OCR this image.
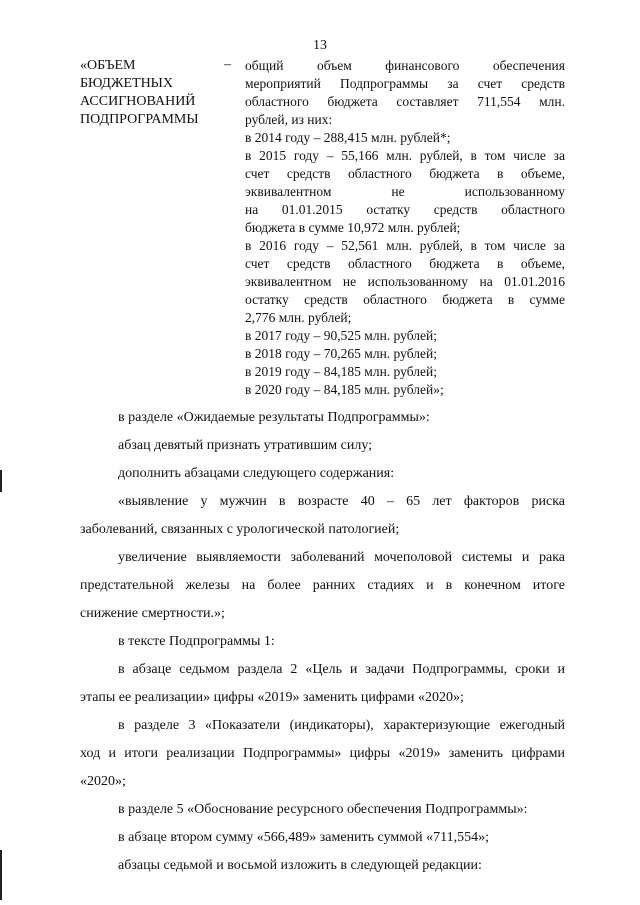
13
«ОБЪЕМ
БЮДЖЕТНЫХ
АССИГНОВАНИЙ
ПОДПРОГРАММЫ
– общий объем финансового обеспечения
мероприятий Подпрограммы за счет средств
областного бюджета составляет 711,554 млн.
рублей, из них:
в 2014 году – 288,415 млн. рублей*;
в 2015 году – 55,166 млн. рублей, в том числе за
счет средств областного бюджета в объеме,
эквивалентном не использованному
на 01.01.2015 остатку средств областного
бюджета в сумме 10,972 млн. рублей;
в 2016 году – 52,561 млн. рублей, в том числе за
счет средств областного бюджета в объеме,
эквивалентном не использованному на 01.01.2016
остатку средств областного бюджета в сумме
2,776 млн. рублей;
в 2017 году – 90,525 млн. рублей;
в 2018 году – 70,265 млн. рублей;
в 2019 году – 84,185 млн. рублей;
в 2020 году – 84,185 млн. рублей»;
в разделе «Ожидаемые результаты Подпрограммы»:
абзац девятый признать утратившим силу;
дополнить абзацами следующего содержания:
«выявление у мужчин в возрасте 40 – 65 лет факторов риска
заболеваний, связанных с урологической патологией;
увеличение выявляемости заболеваний мочеполовой системы и рака
предстательной железы на более ранних стадиях и в конечном итоге
снижение смертности.»;
в тексте Подпрограммы 1:
в абзаце седьмом раздела 2 «Цель и задачи Подпрограммы, сроки и
этапы ее реализации» цифры «2019» заменить цифрами «2020»;
в разделе 3 «Показатели (индикаторы), характеризующие ежегодный
ход и итоги реализации Подпрограммы» цифры «2019» заменить цифрами
«2020»;
в разделе 5 «Обоснование ресурсного обеспечения Подпрограммы»:
в абзаце втором сумму «566,489» заменить суммой «711,554»;
абзацы седьмой и восьмой изложить в следующей редакции:
